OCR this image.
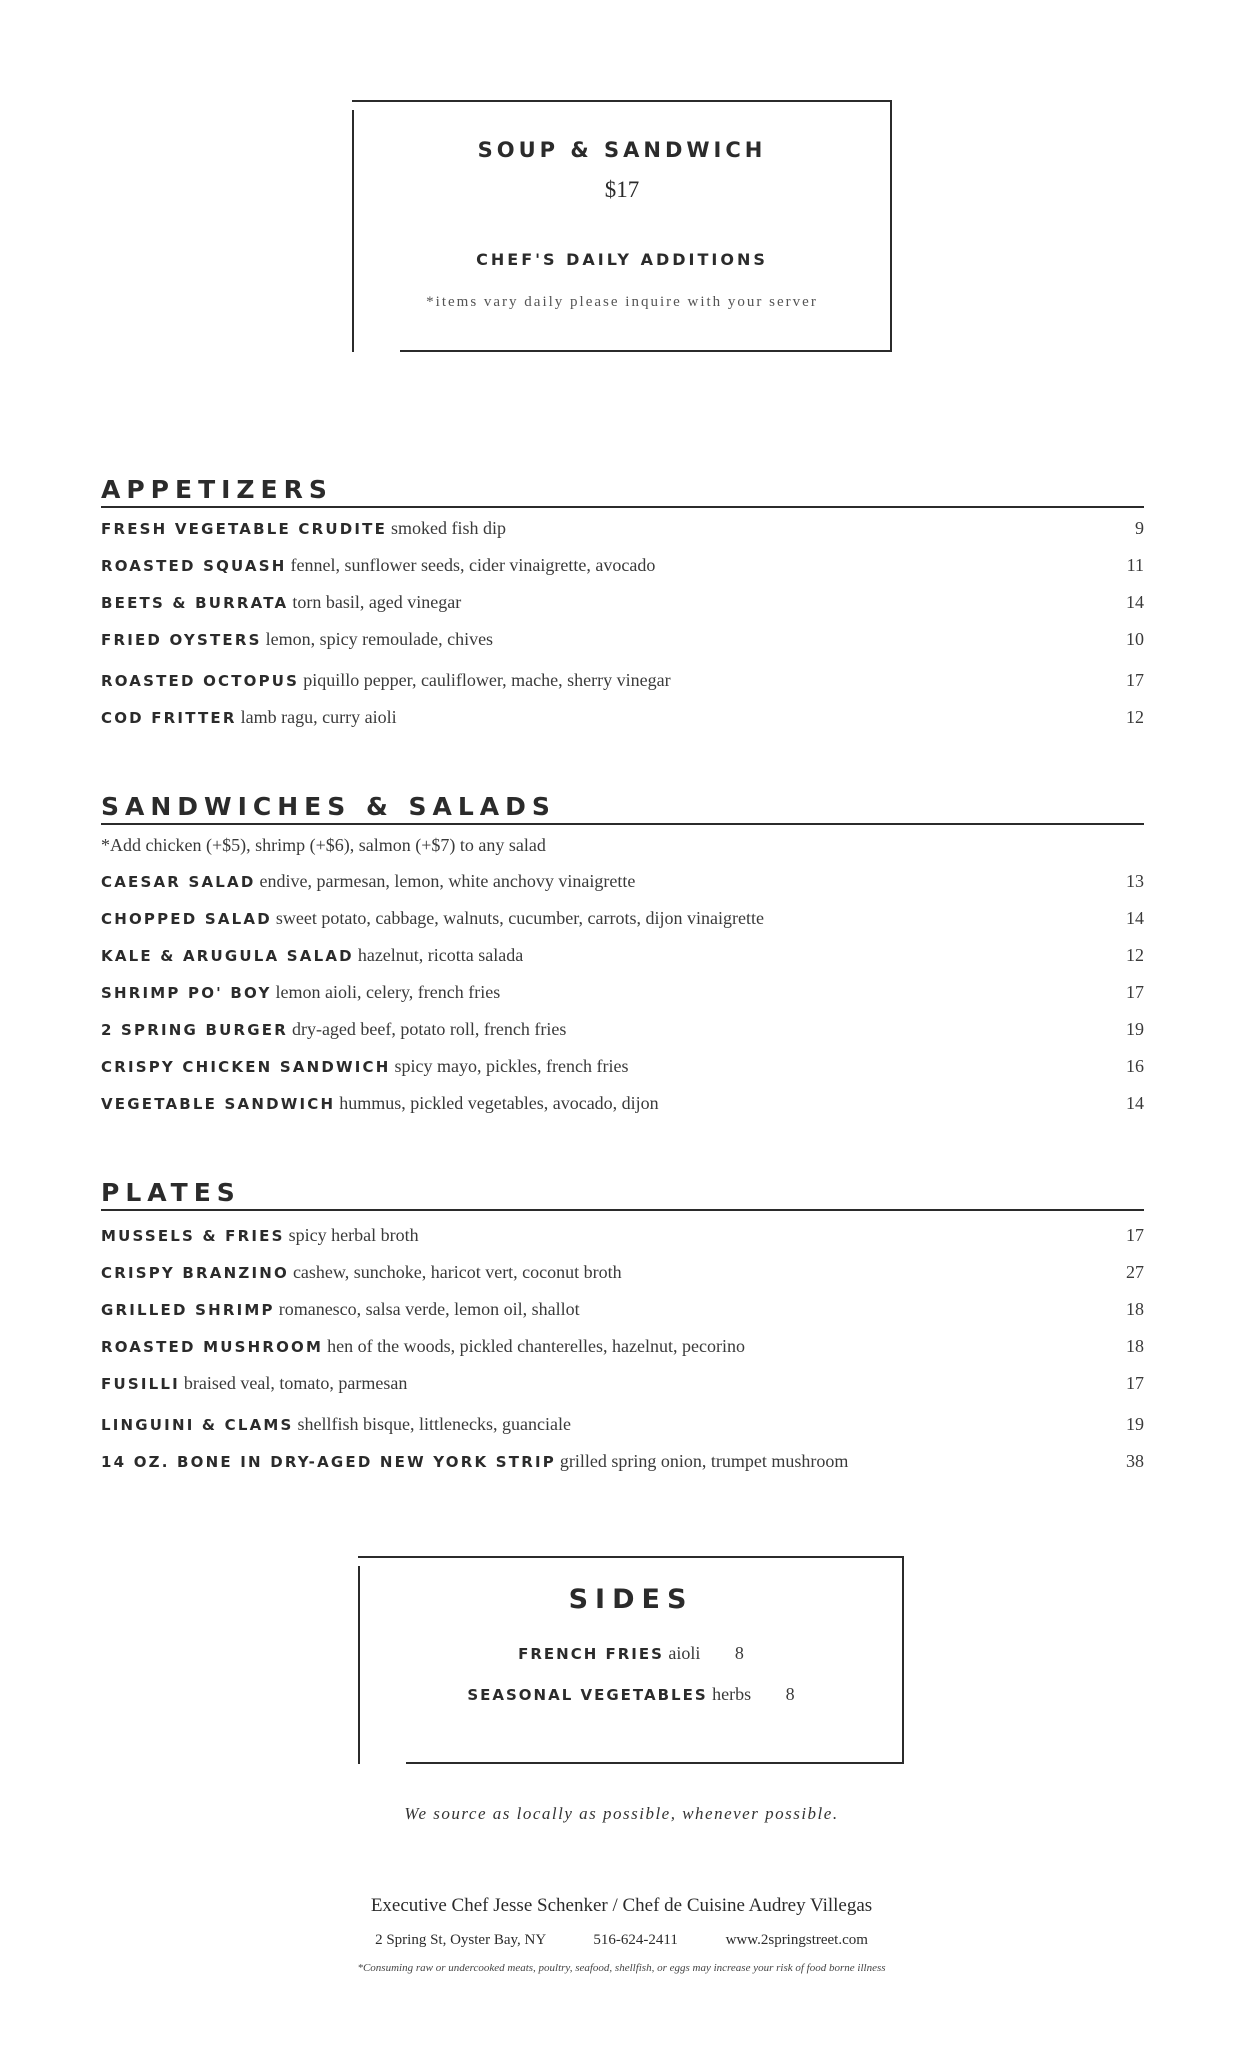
SOUP & SANDWICH
$17
CHEF'S DAILY ADDITIONS
*items vary daily please inquire with your server
APPETIZERS
FRESH VEGETABLE CRUDITE smoked fish dip	9
ROASTED SQUASH fennel, sunflower seeds, cider vinaigrette, avocado	11
BEETS & BURRATA torn basil, aged vinegar	14
FRIED OYSTERS lemon, spicy remoulade, chives	10
ROASTED OCTOPUS piquillo pepper, cauliflower, mache, sherry vinegar	17
COD FRITTER lamb ragu, curry aioli	12
SANDWICHES & SALADS
*Add chicken (+$5), shrimp (+$6), salmon (+$7) to any salad
CAESAR SALAD endive, parmesan, lemon, white anchovy vinaigrette	13
CHOPPED SALAD sweet potato, cabbage, walnuts, cucumber, carrots, dijon vinaigrette	14
KALE & ARUGULA SALAD hazelnut, ricotta salada	12
SHRIMP PO' BOY lemon aioli, celery, french fries	17
2 SPRING BURGER dry-aged beef, potato roll, french fries	19
CRISPY CHICKEN SANDWICH spicy mayo, pickles, french fries	16
VEGETABLE SANDWICH hummus, pickled vegetables, avocado, dijon	14
PLATES
MUSSELS & FRIES spicy herbal broth	17
CRISPY BRANZINO cashew, sunchoke, haricot vert, coconut broth	27
GRILLED SHRIMP romanesco, salsa verde, lemon oil, shallot	18
ROASTED MUSHROOM hen of the woods, pickled chanterelles, hazelnut, pecorino	18
FUSILLI braised veal, tomato, parmesan	17
LINGUINI & CLAMS shellfish bisque, littlenecks, guanciale	19
14 OZ. BONE IN DRY-AGED NEW YORK STRIP grilled spring onion, trumpet mushroom	38
SIDES
FRENCH FRIES aioli 8
SEASONAL VEGETABLES herbs 8
We source as locally as possible, whenever possible.
Executive Chef Jesse Schenker / Chef de Cuisine Audrey Villegas
2 Spring St, Oyster Bay, NY	516-624-2411	www.2springstreet.com
*Consuming raw or undercooked meats, poultry, seafood, shellfish, or eggs may increase your risk of food borne illness
